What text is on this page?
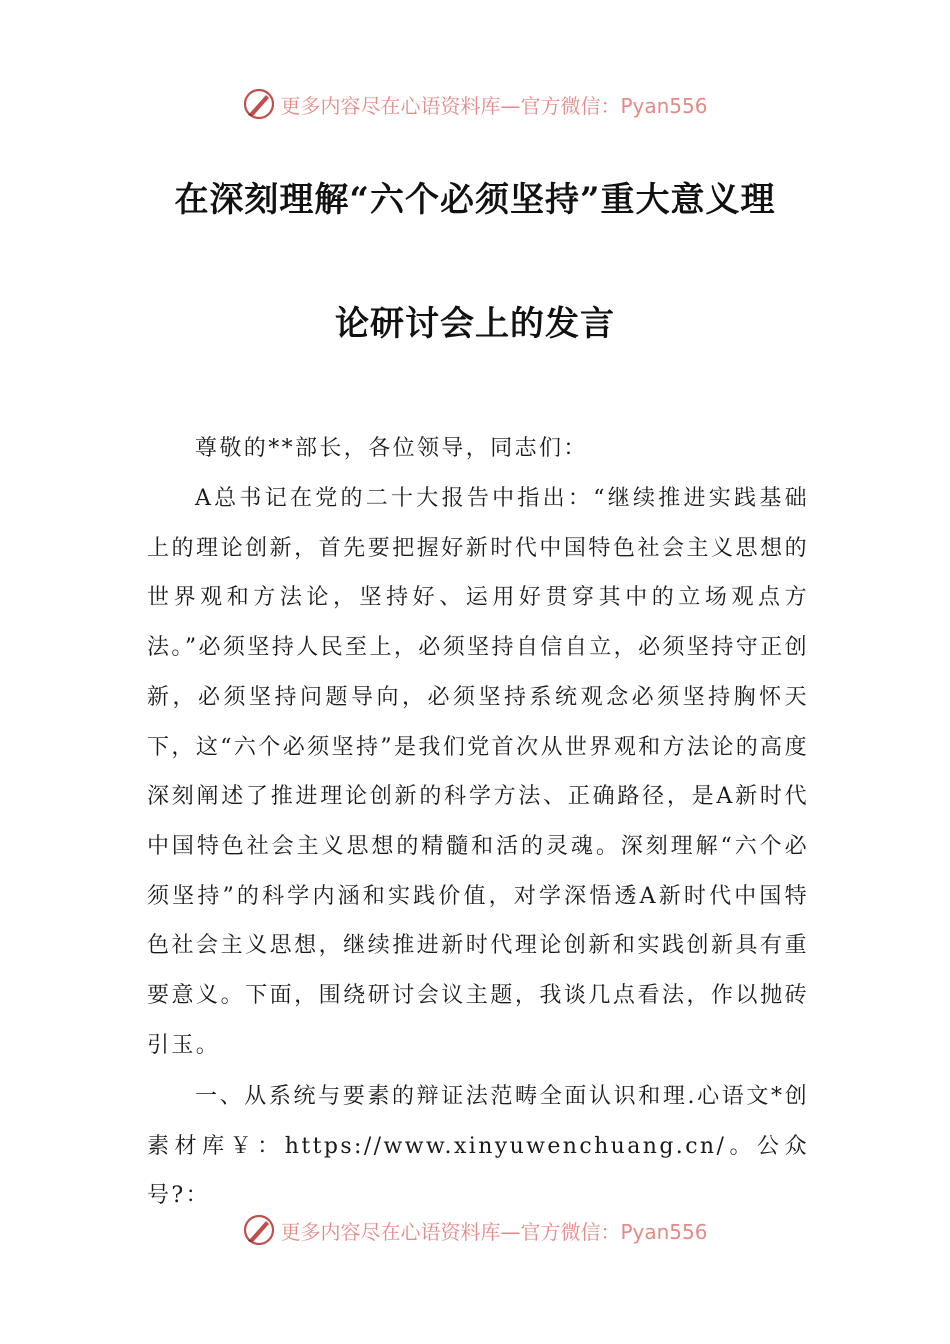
更多内容尽在心语资料库—官方微信：Pyan556
在深刻理解“六个必须坚持”重大意义理
论研讨会上的发言
尊敬的**部长，各位领导，同志们：
A总书记在党的二十大报告中指出：“继续推进实践基础上的理论创新，首先要把握好新时代中国特色社会主义思想的世界观和方法论，坚持好、运用好贯穿其中的立场观点方法。”必须坚持人民至上，必须坚持自信自立，必须坚持守正创新，必须坚持问题导向，必须坚持系统观念必须坚持胸怀天下，这“六个必须坚持”是我们党首次从世界观和方法论的高度深刻阐述了推进理论创新的科学方法、正确路径，是A新时代中国特色社会主义思想的精髓和活的灵魂。深刻理解“六个必须坚持”的科学内涵和实践价值，对学深悟透A新时代中国特色社会主义思想，继续推进新时代理论创新和实践创新具有重要意义。下面，围绕研讨会议主题，我谈几点看法，作以抛砖引玉。
一、从系统与要素的辩证法范畴全面认识和理.心语文*创素材库￥：https://www.xinyuwenchuang.cn/。公众号?：
更多内容尽在心语资料库—官方微信：Pyan556
